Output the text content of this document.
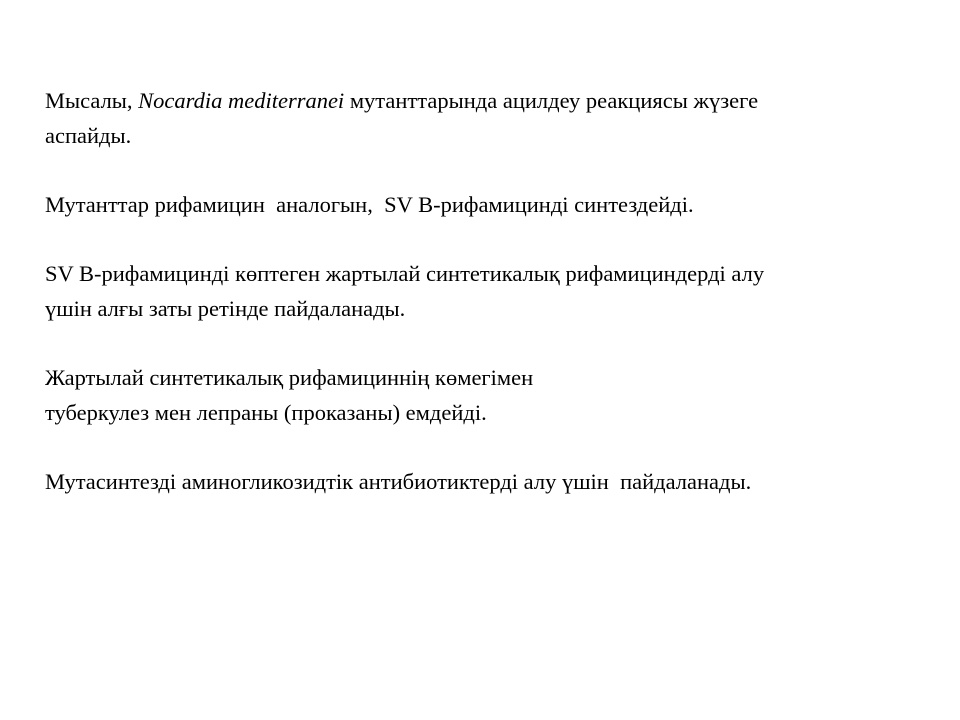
Мысалы, Nocardia mediterranei мутанттарында ацилдеу реакциясы жүзеге
аспайды.

Мутанттар рифамицин  аналогын,  SV B-рифамицинді синтездейді.

SV B-рифамицинді көптеген жартылай синтетикалық рифамициндерді алу
үшін алғы заты ретінде пайдаланады.

Жартылай синтетикалық рифамициннің көмегімен
туберкулез мен лепраны (проказаны) емдейді.

Мутасинтезді аминогликозидтік антибиотиктерді алу үшін  пайдаланады.
